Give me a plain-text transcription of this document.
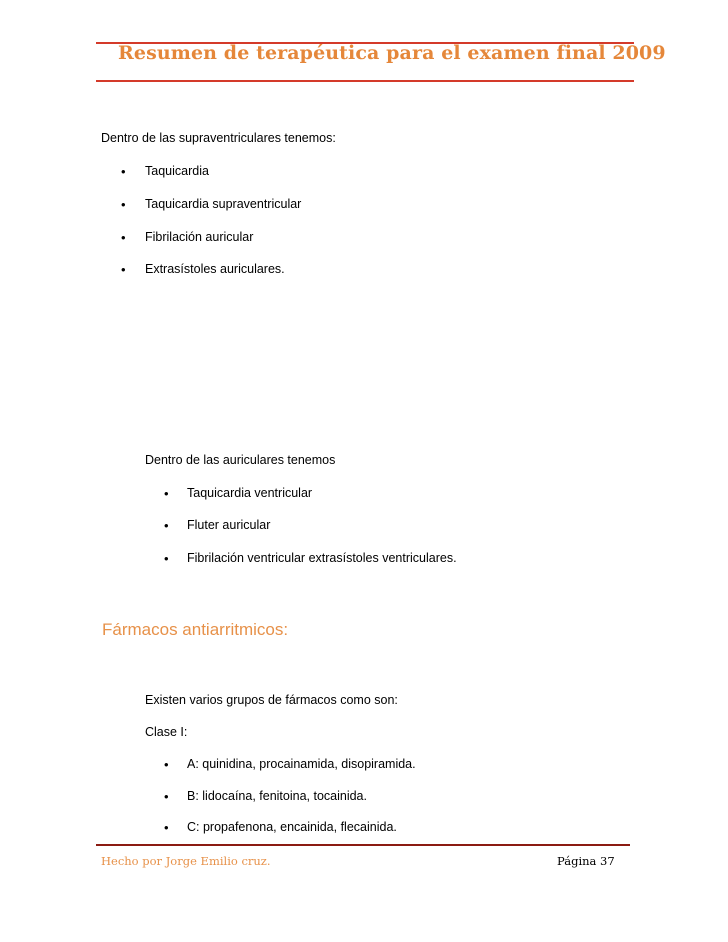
Resumen de terapéutica para el examen final 2009
Dentro de las supraventriculares tenemos:
• Taquicardia
• Taquicardia supraventricular
• Fibrilación auricular
• Extrasístoles auriculares.
Dentro de las auriculares tenemos
• Taquicardia ventricular
• Fluter auricular
• Fibrilación ventricular extrasístoles ventriculares.
Fármacos antiarritmicos:
Existen varios grupos de fármacos como son:
Clase I:
• A: quinidina, procainamida, disopiramida.
• B: lidocaína, fenitoina, tocainida.
• C: propafenona, encainida, flecainida.
Hecho por Jorge Emilio cruz.	Página 37
